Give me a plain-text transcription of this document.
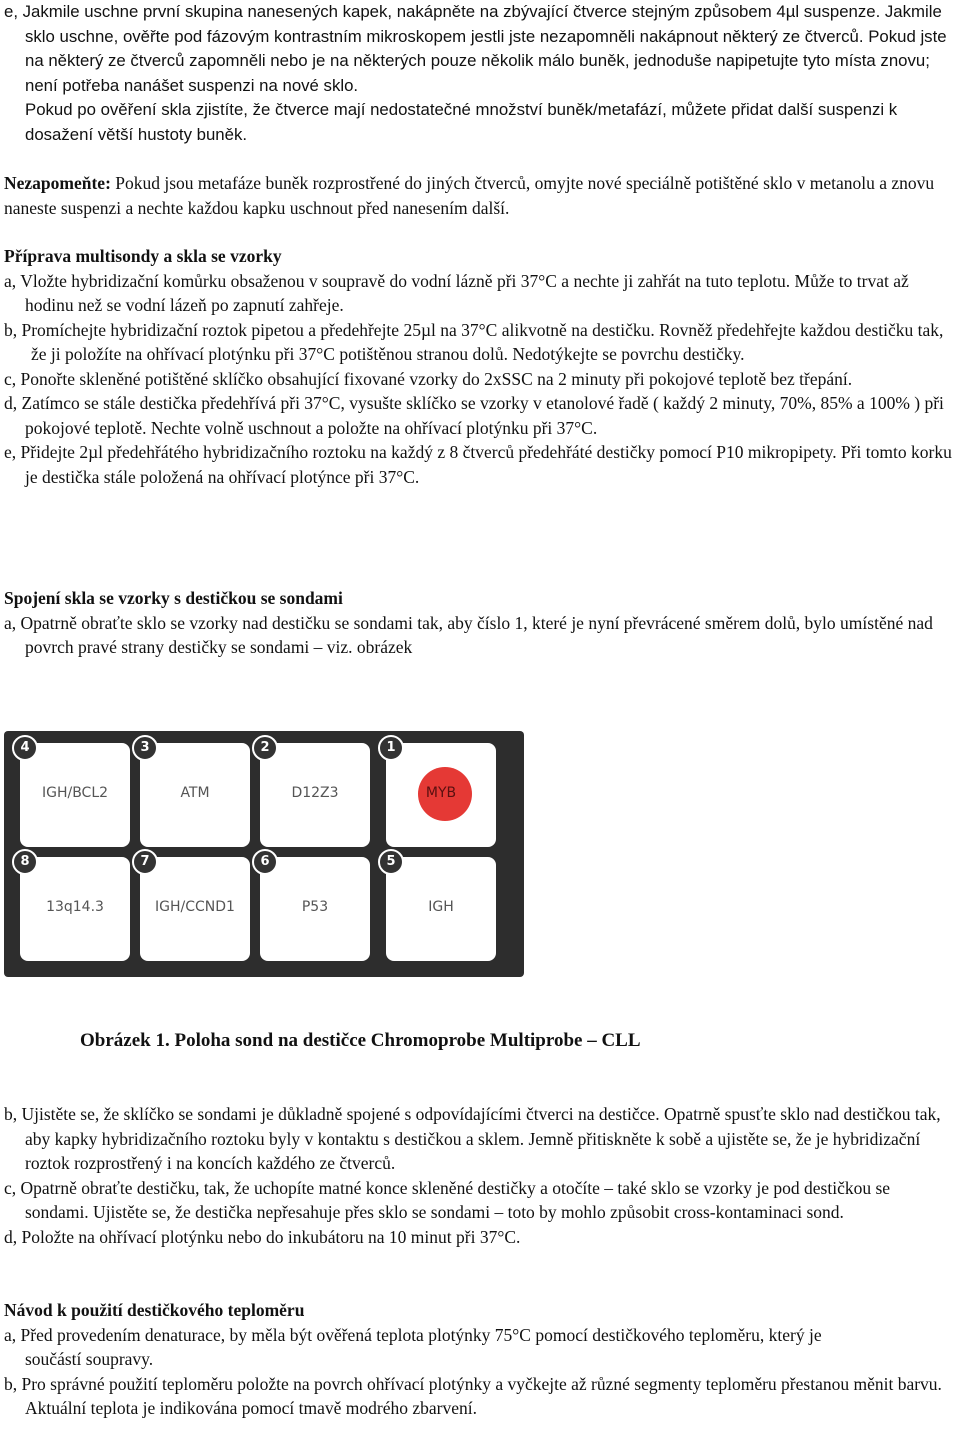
e, Jakmile uschne první skupina nanesených kapek, nakápněte na zbývající čtverce stejným způsobem 4µl suspenze. Jakmile sklo uschne, ověřte pod fázovým kontrastním mikroskopem jestli jste nezapomněli nakápnout některý ze čtverců. Pokud jste na některý ze čtverců zapomněli nebo je na některých pouze několik málo buněk, jednoduše napipetujte tyto místa znovu; není potřeba nanášet suspenzi na nové sklo.
Pokud po ověření skla zjistíte, že čtverce mají nedostatečné množství buněk/metafází, můžete přidat další suspenzi k dosažení větší hustoty buněk.
Nezapomeňte: Pokud jsou metafáze buněk rozprostřené do jiných čtverců, omyjte nové speciálně potištěné sklo v metanolu a znovu naneste suspenzi a nechte každou kapku uschnout před nanesením další.
Příprava multisondy a skla se vzorky

a, Vložte hybridizační komůrku obsaženou v soupravě do vodní lázně při 37°C a nechte ji zahřát na tuto teplotu. Může to trvat až hodinu než se vodní lázeň po zapnutí zahřeje.

b, Promíchejte hybridizační roztok pipetou a předehřejte 25µl na 37°C alikvotně na destičku. Rovněž předehřejte každou destičku tak, že ji položíte na ohřívací plotýnku při 37°C potištěnou stranou dolů. Nedotýkejte se povrchu destičky.

c, Ponořte skleněné potištěné sklíčko obsahující fixované vzorky do 2xSSC na 2 minuty při pokojové teplotě bez třepání.

d, Zatímco se stále destička předehřívá při 37°C, vysušte sklíčko se vzorky v etanolové řadě ( každý 2 minuty, 70%, 85% a 100% ) při pokojové teplotě. Nechte volně uschnout a položte na ohřívací plotýnku při 37°C.

e, Přidejte 2µl předehřátého hybridizačního roztoku na každý z 8 čtverců předehřáté destičky pomocí P10 mikropipety. Při tomto korku je destička stále položená na ohřívací plotýnce při 37°C.

Spojení skla se vzorky s destičkou se sondami

a, Opatrně obraťte sklo se vzorky nad destičku se sondami tak, aby číslo 1, které je nyní převrácené směrem dolů, bylo umístěné nad povrch pravé strany destičky se sondami – viz. obrázek

4
IGH/BCL2
3
ATM
2
D12Z3
1
MYB
8
13q14.3
7
IGH/CCND1
6
P53
5
IGH
Obrázek 1. Poloha sond na destičce Chromoprobe Multiprobe – CLL

b, Ujistěte se, že sklíčko se sondami je důkladně spojené s odpovídajícími čtverci na destičce. Opatrně spusťte sklo nad destičkou tak, aby kapky hybridizačního roztoku byly v kontaktu s destičkou a sklem. Jemně přitiskněte k sobě a ujistěte se, že je hybridizační roztok rozprostřený i na koncích každého ze čtverců.

c, Opatrně obraťte destičku, tak, že uchopíte matné konce skleněné destičky a otočíte – také sklo se vzorky je pod destičkou se sondami. Ujistěte se, že destička nepřesahuje přes sklo se sondami – toto by mohlo způsobit cross-kontaminaci sond.

d, Položte na ohřívací plotýnku nebo do inkubátoru na 10 minut při 37°C.

Návod k použití destičkového teploměru

a, Před provedením denaturace, by měla být ověřená teplota plotýnky 75°C pomocí destičkového teploměru, který je

součástí soupravy.

b, Pro správné použití teploměru položte na povrch ohřívací plotýnky a vyčkejte až různé segmenty teploměru přestanou měnit barvu. Aktuální teplota je indikována pomocí tmavě modrého zbarvení.
